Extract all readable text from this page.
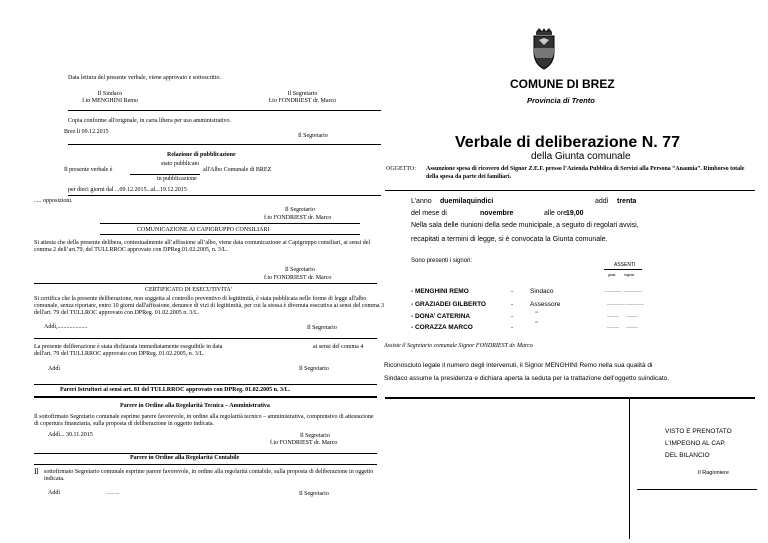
Data lettura del presente verbale, viene approvato e sottoscritto.
Il Sindaco
f.to MENGHINI Remo
Il Segretario
f.to FONDRIEST dr. Marco
Copia conforme all'originale, in carta libera per uso amministrativo.
Brez li 09.12.2015
Il Segretario
Relazione di pubblicazione
stato pubblicato
Il presente verbale è	all'Albo Comunale di BREZ
in pubblicazione
per dieci giorni dal ...09.12.2015...al...19.12.2015
..... opposizioni.
Il Segretario
f.to FONDRIEST dr. Marco
COMUNICAZIONE AI CAPIGRUPPO CONSILIARI
Si attesta che della presente delibera, contestualmente all’affissione all’albo, viene data comunicazione ai Capigruppo consiliari, ai sensi del comma 2 dell’art.79, del TULLRROC approvato con DPReg.01.02.2005, n. 3/L.
Il Segretario
f.to FONDRIEST dr. Marco
CERTIFICATO DI ESECUTIVITA'
Si certifica che la presente deliberazione, non soggetta al controllo preventivo di legittimità, è stata pubblicata nelle forme di legge all'albo comunale, senza riportare, entro 10 giorni dall'affissione, denunce di vizi di legittimità, per cui la stessa è divenuta esecutiva ai sensi del comma 3 dell'art. 79 del TULLROC approvato con DPReg. 01.02.2005 n. 3/L.
Addì,....................	Il Segretario
La presente deliberazione è stata dichiarata immediatamente eseguibile in data	ai sensi del comma 4
dell'art. 79 del TULLRROC approvato con DPReg. 01.02.2005, n. 3/L.
Addì	Il Segretario
Pareri Istruttori ai sensi art. 81 del TULLRROC approvato con DPReg. 01.02.2005 n. 3/L.
Parere in Ordine alla Regolarità Tecnica – Amministrativa
Il sottofirmato Segretario comunale esprime parere favorevole, in ordine alla regolarità tecnico – amministrativa, comprensivo di attestazione di copertura finanziaria, sulla proposta di deliberazione in oggetto indicata.
Addì... 30.11.2015	Il Segretario
f.to FONDRIEST dr. Marco
Parere in Ordine alla Regolarità Contabile
Il sottofirmato Segretario comunale esprime parere favorevole, in ordine alla regolarità contabile, sulla proposta di deliberazione in oggetto indicata.
Addì	…….	Il Segretario
COMUNE DI BREZ
Provincia di Trento
Verbale di deliberazione N. 77
della Giunta comunale
OGGETTO: Assunzione spesa di ricovero del Signor Z.E.F. presso l’Azienda Pubblica di Servizi alla Persona “Anaunia”. Rimborso totale della spesa da parte dei familiari.
L’anno duemilaquindici	addì trenta
del mese di	novembre	alle ore 19,00
Nella sala delle riunioni della sede municipale, a seguito di regolari avvisi,
recapitati a termini di legge, si è convocata la Giunta comunale.
Sono presenti i signori:
ASSENTI
giust. ingiust.
- MENGHINI REMO	-	Sindaco	……… ………
- GRAZIADEI GILBERTO	-	Assessore	……… ………
- DONA’ CATERINA	-	"	…… ……
- CORAZZA MARCO	-	"	…… ……
Assiste il Segretario comunale Signor FONDRIEST dr. Marco
Riconosciuto legale il numero degli intervenuti, il Signor MENGHINI Remo nella sua qualità di
Sindaco assume la presidenza e dichiara aperta la seduta per la trattazione dell’oggetto suindicato.
VISTO E PRENOTATO
L’IMPEGNO AL CAP.
DEL BILANCIO
Il Ragioniere
